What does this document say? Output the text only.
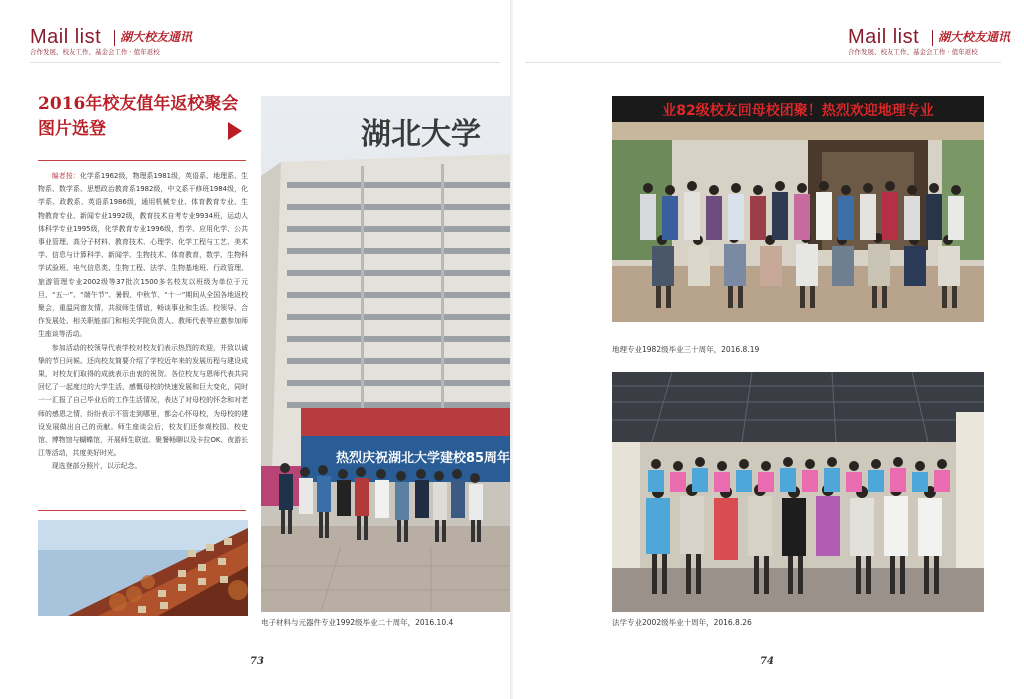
Mail list 湖大校友通讯
合作发展、校友工作、基金会工作 · 值年返校
2016年校友值年返校聚会
图片选登

编者按：化学系1962级，物理系1981级，英语系、地理系、生物系、数学系、思想政治教育系1982级，中文系干修班1984级，化学系、政教系、英语系1986级，通用机械专业、体育教育专业、生物教育专业、新闻专业1992级，教育技术自考专业9934班，运动人体科学专业1995级，化学教育专业1996级，哲学、应用化学、公共事业管理、高分子材料、教育技术、心理学、化学工程与工艺、美术学、信息与计算科学、新闻学、生物技术、体育教育，数学、生物科学试验班、电气信息类、生物工程、法学、生物基地班、行政管理、旅游管理专业2002级等37批次1500多名校友以班级为单位于元旦、“五一”、“端午节”、暑假、中秋节、“十一”期间从全国各地返校聚会，重温同窗友情，共叙师生情谊，畅谈事业和生活。校领导、合作发展处、相关职能部门和相关学院负责人、教师代表等应邀参加师生座谈等活动。

参加活动的校领导代表学校对校友们表示热烈的欢迎，并致以诚挚的节日问候。还向校友简要介绍了学校近年来的发展历程与建设成果，对校友们取得的成就表示由衷的祝贺。各位校友与恩师代表共同回忆了一起度过的大学生活，感慨母校的快速发展和巨大变化，同时一一汇报了自己毕业后的工作生活情况，表达了对母校的怀念和对老师的感恩之情，纷纷表示不管走到哪里，都会心怀母校，为母校的建设发展做出自己的贡献。师生座谈会后，校友们还参观校园、校史馆、博物馆与蝴蝶馆，开展师生联谊、聚餐畅聊以及卡拉OK、夜游长江等活动，共度美好时光。

现选登部分照片，以示纪念。

湖北大学
热烈庆祝湖北大学建校85周年
电子材料与元器件专业1992级毕业二十周年，2016.10.4
73
Mail list 湖大校友通讯
合作发展、校友工作、基金会工作 · 值年返校
业82级校友回母校团聚！热烈欢迎地理专业
地理专业1982级毕业三十周年，2016.8.19
法学专业2002级毕业十周年，2016.8.26
74
